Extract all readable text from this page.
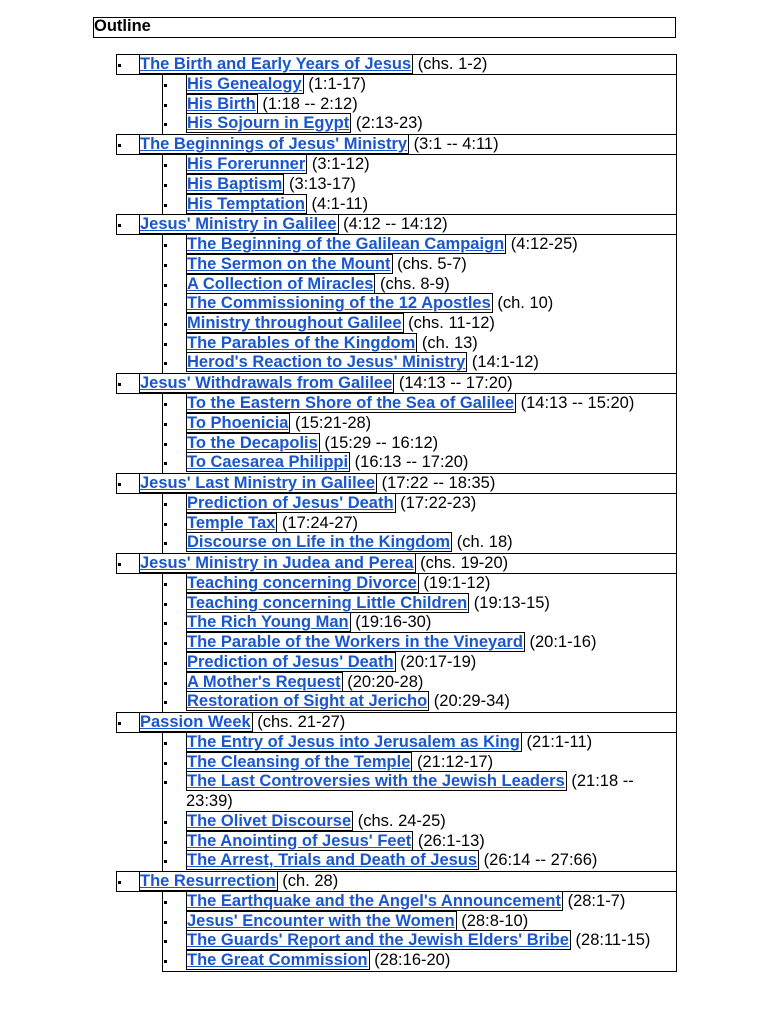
Outline
The Birth and Early Years of Jesus (chs. 1-2)
His Genealogy (1:1-17)
His Birth (1:18 -- 2:12)
His Sojourn in Egypt (2:13-23)
The Beginnings of Jesus' Ministry (3:1 -- 4:11)
His Forerunner (3:1-12)
His Baptism (3:13-17)
His Temptation (4:1-11)
Jesus' Ministry in Galilee (4:12 -- 14:12)
The Beginning of the Galilean Campaign (4:12-25)
The Sermon on the Mount (chs. 5-7)
A Collection of Miracles (chs. 8-9)
The Commissioning of the 12 Apostles (ch. 10)
Ministry throughout Galilee (chs. 11-12)
The Parables of the Kingdom (ch. 13)
Herod's Reaction to Jesus' Ministry (14:1-12)
Jesus' Withdrawals from Galilee (14:13 -- 17:20)
To the Eastern Shore of the Sea of Galilee (14:13 -- 15:20)
To Phoenicia (15:21-28)
To the Decapolis (15:29 -- 16:12)
To Caesarea Philippi (16:13 -- 17:20)
Jesus' Last Ministry in Galilee (17:22 -- 18:35)
Prediction of Jesus' Death (17:22-23)
Temple Tax (17:24-27)
Discourse on Life in the Kingdom (ch. 18)
Jesus' Ministry in Judea and Perea (chs. 19-20)
Teaching concerning Divorce (19:1-12)
Teaching concerning Little Children (19:13-15)
The Rich Young Man (19:16-30)
The Parable of the Workers in the Vineyard (20:1-16)
Prediction of Jesus' Death (20:17-19)
A Mother's Request (20:20-28)
Restoration of Sight at Jericho (20:29-34)
Passion Week (chs. 21-27)
The Entry of Jesus into Jerusalem as King (21:1-11)
The Cleansing of the Temple (21:12-17)
The Last Controversies with the Jewish Leaders (21:18 -- 23:39)
The Olivet Discourse (chs. 24-25)
The Anointing of Jesus' Feet (26:1-13)
The Arrest, Trials and Death of Jesus (26:14 -- 27:66)
The Resurrection (ch. 28)
The Earthquake and the Angel's Announcement (28:1-7)
Jesus' Encounter with the Women (28:8-10)
The Guards' Report and the Jewish Elders' Bribe (28:11-15)
The Great Commission (28:16-20)
